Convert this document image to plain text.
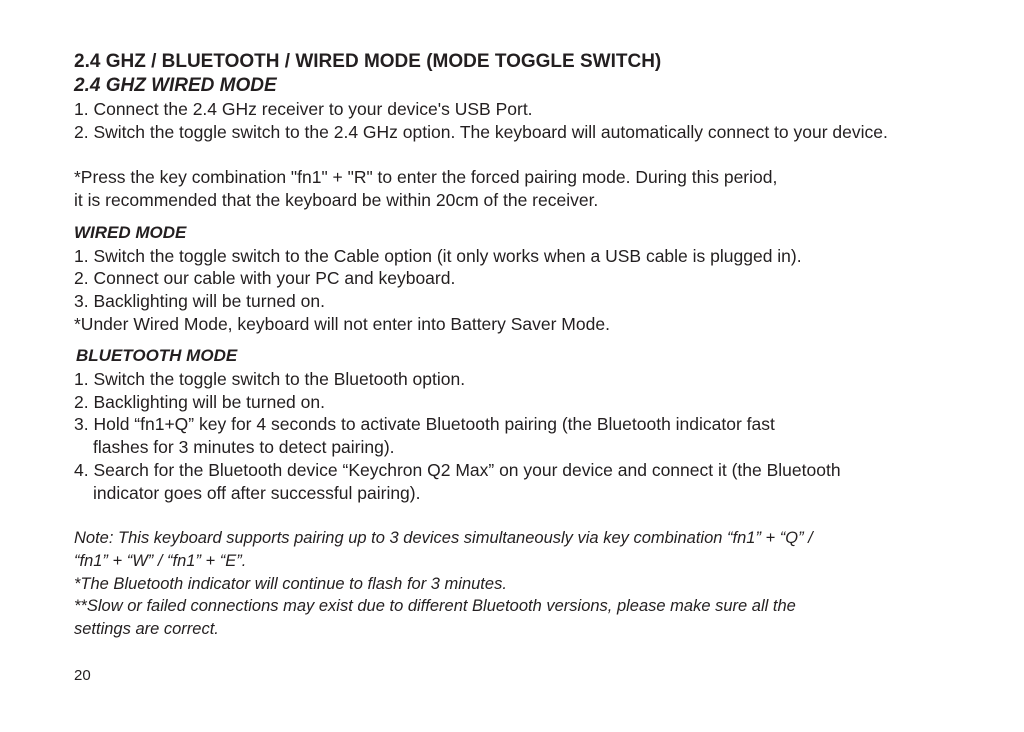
2.4 GHZ / BLUETOOTH / WIRED MODE (MODE TOGGLE SWITCH)
2.4 GHZ WIRED MODE
1. Connect the 2.4 GHz receiver to your device's USB Port.
2. Switch the toggle switch to the 2.4 GHz option. The keyboard will automatically connect to your device.
*Press the key combination "fn1" + "R" to enter the forced pairing mode. During this period,
it is recommended that the keyboard be within 20cm of the receiver.
WIRED MODE
1. Switch the toggle switch to the Cable option (it only works when a USB cable is plugged in).
2. Connect our cable with your PC and keyboard.
3. Backlighting will be turned on.
*Under Wired Mode, keyboard will not enter into Battery Saver Mode.
BLUETOOTH MODE
1. Switch the toggle switch to the Bluetooth option.
2. Backlighting will be turned on.
3. Hold “fn1+Q” key for 4 seconds to activate Bluetooth pairing (the Bluetooth indicator fast
flashes for 3 minutes to detect pairing).
4. Search for the Bluetooth device “Keychron Q2 Max” on your device and connect it (the Bluetooth
indicator goes off after successful pairing).
Note: This keyboard supports pairing up to 3 devices simultaneously via key combination “fn1” + “Q” /
“fn1” + “W” / “fn1” + “E”.
*The Bluetooth indicator will continue to flash for 3 minutes.
**Slow or failed connections may exist due to different Bluetooth versions, please make sure all the
settings are correct.
20
